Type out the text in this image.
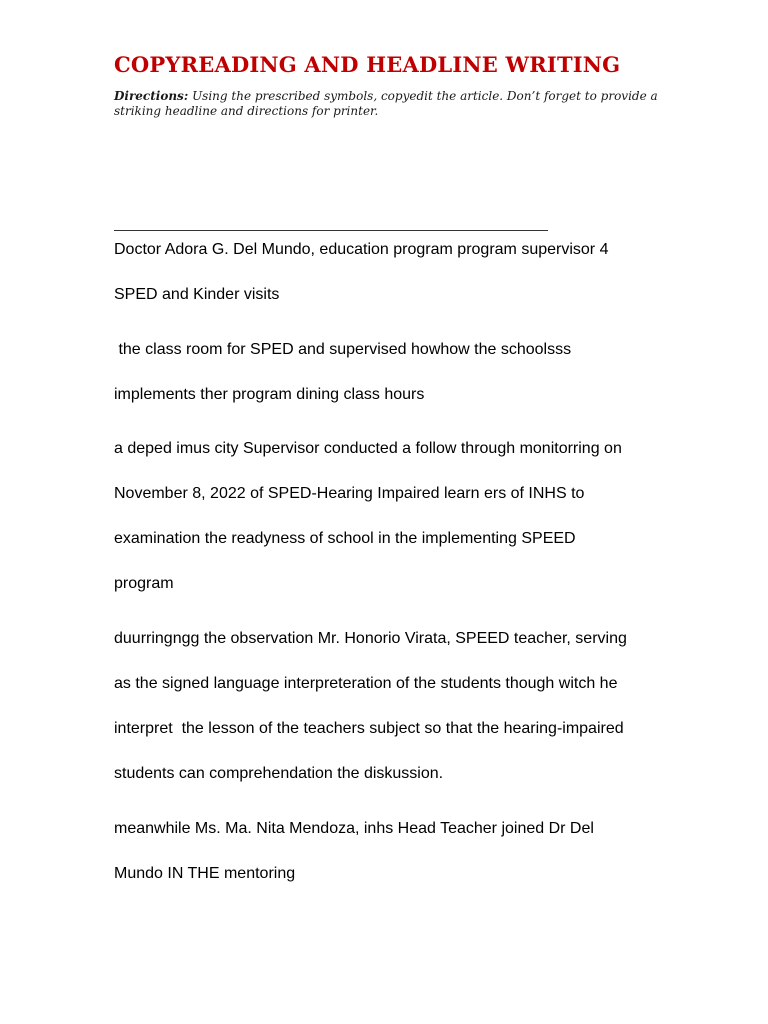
COPYREADING AND HEADLINE WRITING

Directions: Using the prescribed symbols, copyedit the article. Don’t forget to provide a striking headline and directions for printer.

Doctor Adora G. Del Mundo, education program program supervisor 4

SPED and Kinder visits

the class room for SPED and supervised howhow the schoolsss

implements ther program dining class hours

a deped imus city Supervisor conducted a follow through monitorring on

November 8, 2022 of SPED-Hearing Impaired learn ers of INHS to

examination the readyness of school in the implementing SPEED

program

duurringngg the observation Mr. Honorio Virata, SPEED teacher, serving

as the signed language interpreteration of the students though witch he

interpret  the lesson of the teachers subject so that the hearing-impaired

students can comprehendation the diskussion.

meanwhile Ms. Ma. Nita Mendoza, inhs Head Teacher joined Dr Del

Mundo IN THE mentoring
